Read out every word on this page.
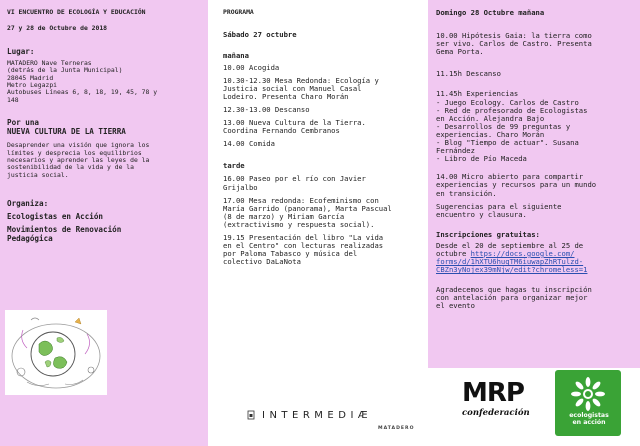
VI ENCUENTRO DE ECOLOGÍA Y EDUCACIÓN
27 y 28 de Octubre de 2018
Lugar:
MATADERO Nave Terneras
(detrás de la Junta Municipal)
28045 Madrid
Metro Legazpi
Autobuses Líneas 6, 8, 18, 19, 45, 78 y
148
Por una
NUEVA CULTURA DE LA TIERRA
Desaprender una visión que ignora los
límites y desprecia los equilibrios
necesarios y aprender las leyes de la
sostenibilidad de la vida y de la
justicia social.
Organiza:
Ecologistas en Acción
Movimientos de Renovación
Pedagógica
PROGRAMA
Sábado 27 octubre
mañana
10.00 Acogida
10.30-12.30 Mesa Redonda: Ecología y
Justicia social con Manuel Casal
Lodeiro. Presenta Charo Morán
12.30-13.00 Descanso
13.00 Nueva Cultura de la Tierra.
Coordina Fernando Cembranos
14.00 Comida
tarde
16.00 Paseo por el río con Javier
Grijalbo
17.00 Mesa redonda: Ecofeminismo con
María Garrido (panorama), Marta Pascual
(8 de marzo) y Miriam García
(extractivismo y respuesta social).
19.15 Presentación del libro "La vida
en el Centro" con lecturas realizadas
por Paloma Tabasco y música del
colectivo DaLaNota
Domingo 28 Octubre mañana
10.00 Hipótesis Gaia: la tierra como
ser vivo. Carlos de Castro. Presenta
Gema Porta.
11.15h Descanso
11.45h Experiencias
- Juego Ecology. Carlos de Castro
- Red de profesorado de Ecologistas
en Acción. Alejandra Bajo
- Desarrollos de 99 preguntas y
experiencias. Charo Morán
- Blog "Tiempo de actuar". Susana
Fernández
- Libro de Pío Maceda
14.00 Micro abierto para compartir
experiencias y recursos para un mundo
en transición.
Sugerencias para el siguiente
encuentro y clausura.
Inscripciones gratuitas:
Desde el 20 de septiembre al 25 de
octubre https://docs.google.com/
forms/d/1hXTU6huqTM6iuwapZhRTulzd-
CBZn3yNojex39mNjw/edit?chromeless=1
Agradecemos que hagas tu inscripción
con antelación para organizar mejor
el evento
INTERMEDIÆ
MATADERO
MRP
confederación	ecologistas
en acción
